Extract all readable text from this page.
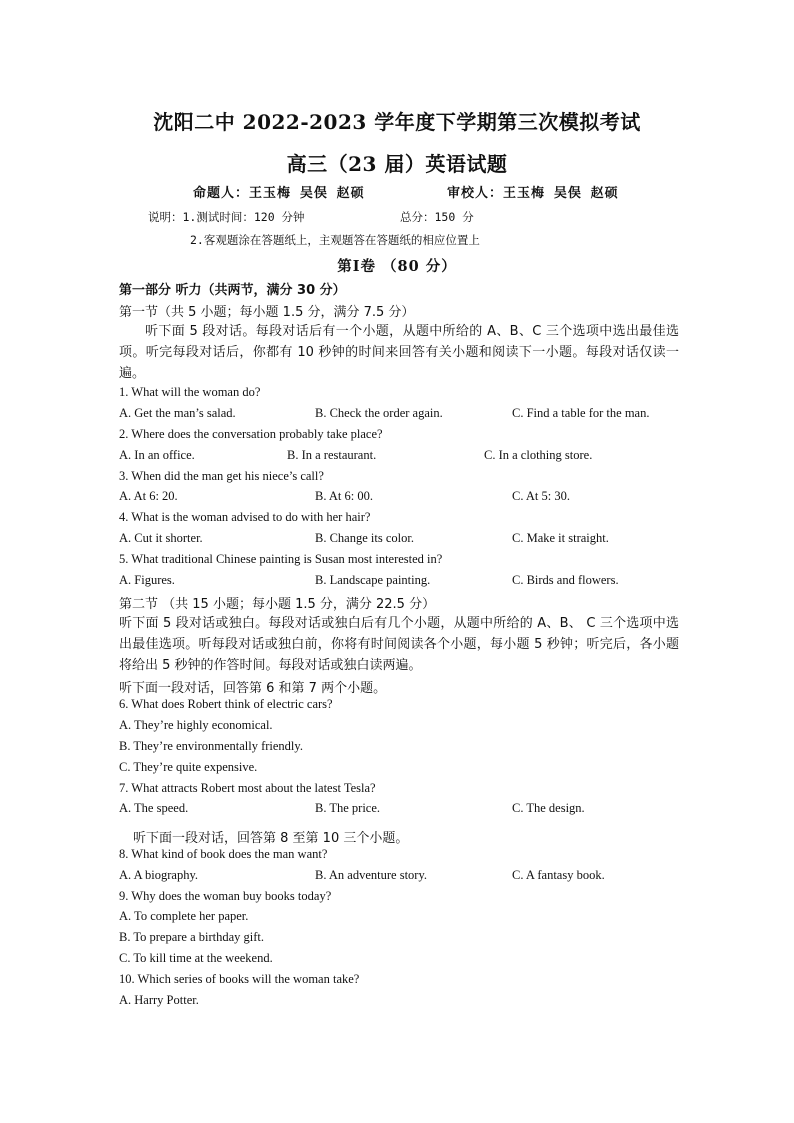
沈阳二中 2022-2023 学年度下学期第三次模拟考试
高三（23 届）英语试题
命题人：王玉梅 吴俣 赵硕	审校人：王玉梅 吴俣 赵硕
说明：1.测试时间：120 分钟	总分：150 分
2.客观题涂在答题纸上，主观题答在答题纸的相应位置上
第Ⅰ卷 （80 分）
第一部分 听力（共两节，满分 30 分）
第一节（共 5 小题；每小题 1.5 分，满分 7.5 分）
听下面 5 段对话。每段对话后有一个小题，从题中所给的 A、B、C 三个选项中选出最佳选项。听完每段对话后，你都有 10 秒钟的时间来回答有关小题和阅读下一小题。每段对话仅读一遍。
1. What will the woman do?
A. Get the man’s salad.	B. Check the order again.	C. Find a table for the man.
2. Where does the conversation probably take place?
A. In an office.	B. In a restaurant.	C. In a clothing store.
3. When did the man get his niece’s call?
A. At 6: 20.	B. At 6: 00.	C. At 5: 30.
4. What is the woman advised to do with her hair?
A. Cut it shorter.	B. Change its color.	C. Make it straight.
5. What traditional Chinese painting is Susan most interested in?
A. Figures.	B. Landscape painting.	C. Birds and flowers.
第二节 （共 15 小题；每小题 1.5 分，满分 22.5 分）
听下面 5 段对话或独白。每段对话或独白后有几个小题，从题中所给的 A、B、 C 三个选项中选出最佳选项。听每段对话或独白前，你将有时间阅读各个小题，每小题 5 秒钟；听完后，各小题将给出 5 秒钟的作答时间。每段对话或独白读两遍。
听下面一段对话，回答第 6 和第 7 两个小题。
6. What does Robert think of electric cars?
A. They’re highly economical.
B. They’re environmentally friendly.
C. They’re quite expensive.
7. What attracts Robert most about the latest Tesla?
A. The speed.	B. The price.	C. The design.
听下面一段对话，回答第 8 至第 10 三个小题。
8. What kind of book does the man want?
A. A biography.	B. An adventure story.	C. A fantasy book.
9. Why does the woman buy books today?
A. To complete her paper.
B. To prepare a birthday gift.
C. To kill time at the weekend.
10. Which series of books will the woman take?
A. Harry Potter.
